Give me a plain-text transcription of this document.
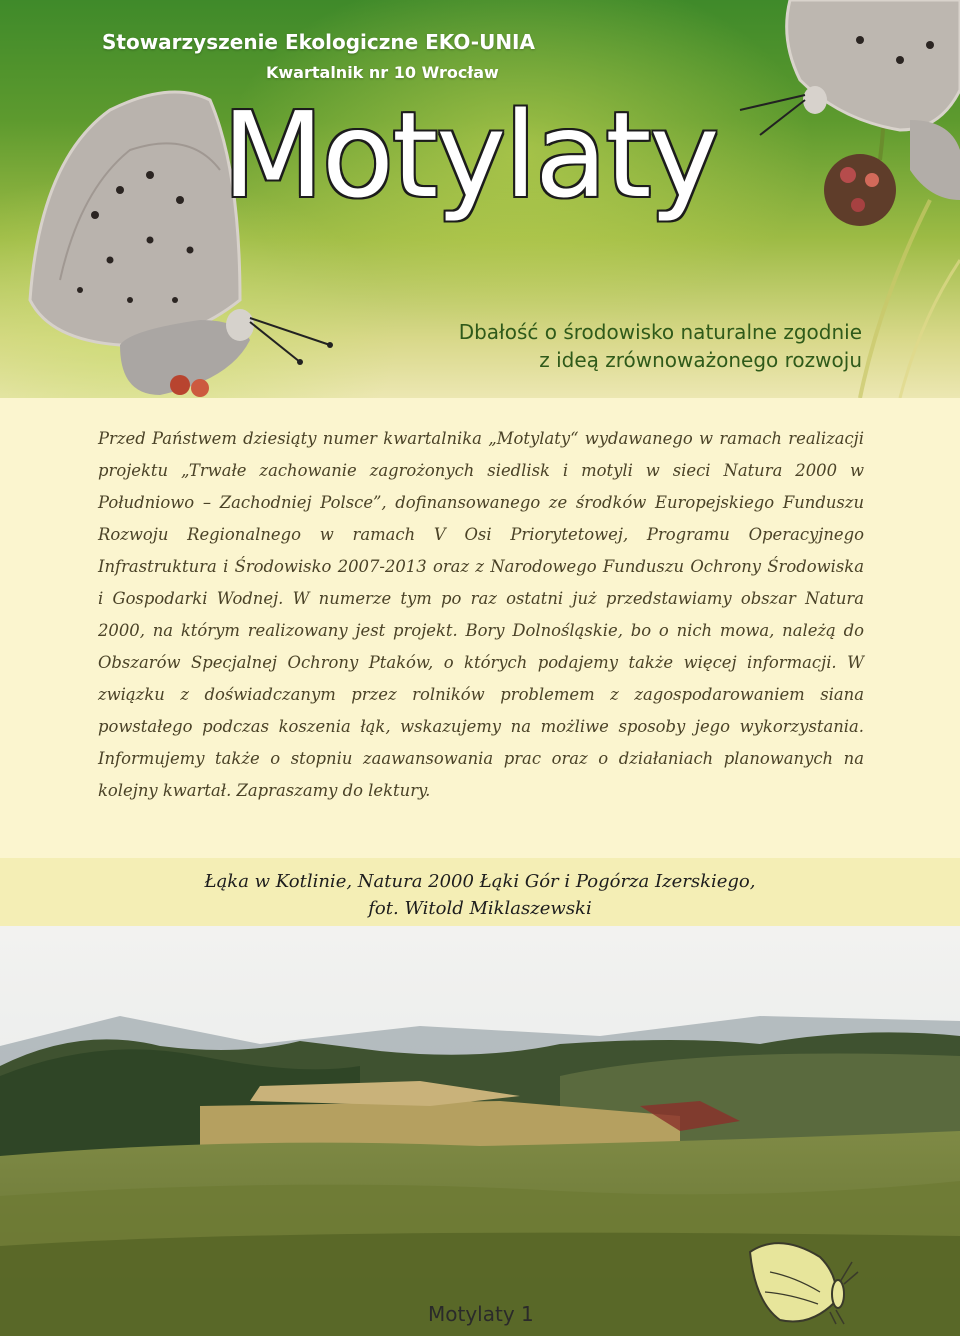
Stowarzyszenie Ekologiczne EKO-UNIA

Kwartalnik nr 10 Wrocław

Motylaty

Dbałość o środowisko naturalne zgodnie
z ideą zrównoważonego rozwoju

Przed Państwem dziesiąty numer kwartalnika „Motylaty“ wydawanego w ramach realizacji projektu „Trwałe zachowanie zagrożonych siedlisk i motyli w sieci Natura 2000 w Południowo – Zachodniej Polsce”, dofinansowanego ze środków Europejskiego Funduszu Rozwoju Regionalnego w ramach V Osi Priorytetowej, Programu Operacyjnego Infrastruktura i Środowisko 2007-2013 oraz z Narodowego Funduszu Ochrony Środowiska i Gospodarki Wodnej. W numerze tym po raz ostatni już przedstawiamy obszar Natura 2000, na którym realizowany jest projekt. Bory Dolnośląskie, bo o nich mowa, należą do Obszarów Specjalnej Ochrony Ptaków, o których podajemy także więcej informacji. W związku z doświadczanym przez rolników problemem z zagospodarowaniem siana powstałego podczas koszenia łąk, wskazujemy na możliwe sposoby jego wykorzystania. Informujemy także o stopniu zaawansowania prac oraz o działaniach planowanych na kolejny kwartał. Zapraszamy do lektury.

Łąka w Kotlinie, Natura 2000 Łąki Gór i Pogórza Izerskiego,
fot. Witold Miklaszewski

Motylaty 1
